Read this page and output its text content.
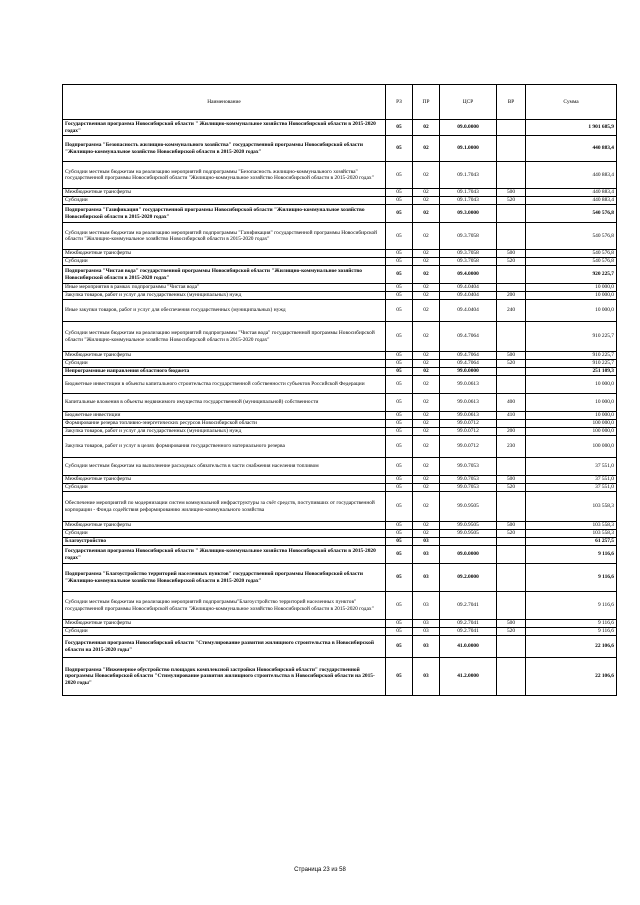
Наименование	РЗ	ПР	ЦСР	ВР	Сумма
Государственная программа Новосибирской области " Жилищно-коммунальное хозяйство Новосибирской области в 2015-2020 годах"	05	02	09.0.0000		1 901 685,9
Подпрограмма "Безопасность жилищно-коммунального хозяйства" государственной программы Новосибирской области "Жилищно-коммунальное хозяйство Новосибирской области в 2015-2020 годах"	05	02	09.1.0000		440 883,4
Субсидии местным бюджетам на реализацию мероприятий подпрограммы "Безопасность жилищно-коммунального хозяйства" государственной программы Новосибирской области "Жилищно-коммунальное хозяйство Новосибирской области в 2015-2020 годах"	05	02	09.1.7043		440 883,4
Межбюджетные трансферты	05	02	09.1.7043	500	440 883,4
Субсидии	05	02	09.1.7043	520	440 883,4
Подпрограмма "Газификация" государственной программы Новосибирской области "Жилищно-коммунальное хозяйство Новосибирской области в 2015-2020 годах"	05	02	09.3.0000		540 576,8
Субсидии местным бюджетам на реализацию мероприятий подпрограммы "Газификация" государственной программы Новосибирской области "Жилищно-коммунальное хозяйство Новосибирской области в 2015-2020 годах"	05	02	09.3.7058		540 576,8
Межбюджетные трансферты	05	02	09.3.7058	500	540 576,8
Субсидии	05	02	09.3.7058	520	540 576,8
Подпрограмма "Чистая вода" государственной программы Новосибирской области "Жилищно-коммунальное хозяйство Новосибирской области в 2015-2020 годах"	05	02	09.4.0000		920 225,7
Иные мероприятия в рамках подпрограммы "Чистая вода"	05	02	09.4.0404		10 000,0
Закупка товаров, работ и услуг для государственных (муниципальных) нужд	05	02	09.4.0404	200	10 000,0
Иные закупки товаров, работ и услуг для обеспечения государственных (муниципальных) нужд	05	02	09.4.0404	240	10 000,0
Субсидии местным бюджетам на реализацию мероприятий подпрограммы "Чистая вода" государственной программы Новосибирской области "Жилищно-коммунальное хозяйство Новосибирской области в 2015-2020 годах"	05	02	09.4.7064		910 225,7
Межбюджетные трансферты	05	02	09.4.7064	500	910 225,7
Субсидии	05	02	09.4.7064	520	910 225,7
Непрограммные направления областного бюджета	05	02	99.0.0000		251 109,3
Бюджетные инвестиции в объекты капитального строительства государственной собственности субъектов Российской Федерации	05	02	99.0.0613		10 000,0
Капитальные вложения в объекты недвижимого имущества государственной (муниципальной) собственности	05	02	99.0.0613	400	10 000,0
Бюджетные инвестиции	05	02	99.0.0613	410	10 000,0
Формирование резерва топливно-энергетических ресурсов Новосибирской области	05	02	99.0.0712		100 000,0
Закупка товаров, работ и услуг для государственных (муниципальных) нужд	05	02	99.0.0712	200	100 000,0
Закупка товаров, работ и услуг в целях формирования государственного материального резерва	05	02	99.0.0712	230	100 000,0
Субсидии местным бюджетам на выполнение расходных обязательств в части снабжения населения топливом	05	02	99.0.7053		37 551,0
Межбюджетные трансферты	05	02	99.0.7053	500	37 551,0
Субсидии	05	02	99.0.7053	520	37 551,0
Обеспечение мероприятий по модернизации систем коммунальной инфраструктуры за счёт средств, поступивших от государственной корпорации - Фонда содействия реформированию жилищно-коммунального хозяйства	05	02	99.0.9505		103 558,3
Межбюджетные трансферты	05	02	99.0.9505	500	103 558,3
Субсидии	05	02	99.0.9505	520	103 558,3
Благоустройство	05	03			61 257,5
Государственная программа Новосибирской области " Жилищно-коммунальное хозяйство Новосибирской области в 2015-2020 годах"	05	03	09.0.0000		9 116,6
Подпрограмма "Благоустройство территорий населенных пунктов" государственной программы Новосибирской области "Жилищно-коммунальное хозяйство Новосибирской области в 2015-2020 годах"	05	03	09.2.0000		9 116,6
Субсидии местным бюджетам на реализацию мероприятий подпрограммы"Благоустройство территорий населенных пунктов" государственной программы Новосибирской области "Жилищно-коммунальное хозяйство Новосибирской области в 2015-2020 годах"	05	03	09.2.7041		9 116,6
Межбюджетные трансферты	05	03	09.2.7041	500	9 116,6
Субсидии	05	03	09.2.7041	520	9 116,6
Государственная программа Новосибирской области "Стимулирование развития жилищного строительства в Новосибирской области на 2015-2020 годы"	05	03	41.0.0000		22 106,6
Подпрограмма "Инженерное обустройство площадок комплексной застройки Новосибирской области" государственной программы Новосибирской области "Стимулирование развития жилищного строительства в Новосибирской области на 2015-2020 годы"	05	03	41.2.0000		22 106,6
Страница 23 из 58
